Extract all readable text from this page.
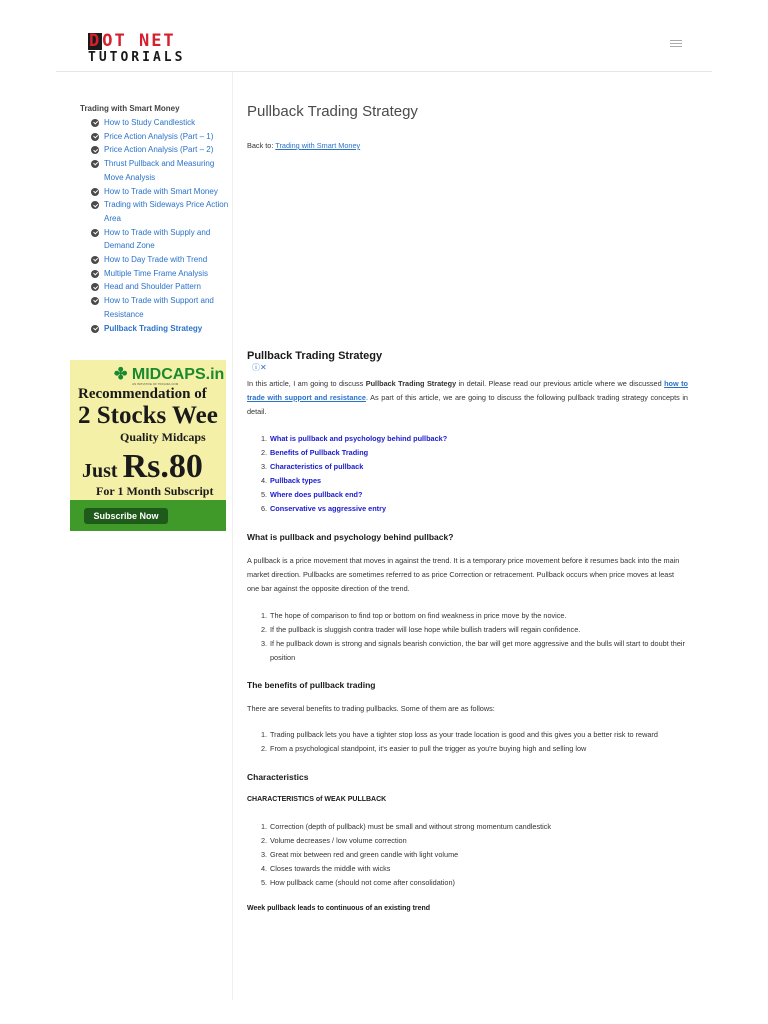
DOT NET
TUTORIALS
Trading with Smart Money
How to Study Candlestick
Price Action Analysis (Part – 1)
Price Action Analysis (Part – 2)
Thrust Pullback and Measuring Move Analysis
How to Trade with Smart Money
Trading with Sideways Price Action Area
How to Trade with Supply and Demand Zone
How to Day Trade with Trend
Multiple Time Frame Analysis
Head and Shoulder Pattern
How to Trade with Support and Resistance
Pullback Trading Strategy
ⓘ✕
✤ MIDCAPS.in
AN INITIATIVE OF TIFFAIFA.COM
Recommendation of
2 Stocks Wee
Quality Midcaps
Just Rs.80
For 1 Month Subscript
Subscribe Now
Pullback Trading Strategy
Back to: Trading with Smart Money
Pullback Trading Strategy

In this article, I am going to discuss Pullback Trading Strategy in detail. Please read our previous article where we discussed how to trade with support and resistance. As part of this article, we are going to discuss the following pullback trading strategy concepts in detail.

1. What is pullback and psychology behind pullback?
2. Benefits of Pullback Trading
3. Characteristics of pullback
4. Pullback types
5. Where does pullback end?
6. Conservative vs aggressive entry
What is pullback and psychology behind pullback?

A pullback is a price movement that moves in against the trend. It is a temporary price movement before it resumes back into the main market direction. Pullbacks are sometimes referred to as price Correction or retracement. Pullback occurs when price moves at least one bar against the opposite direction of the trend.

1. The hope of comparison to find top or bottom on find weakness in price move by the novice.
2. If the pullback is sluggish contra trader will lose hope while bullish traders will regain confidence.
3. If he pullback down is strong and signals bearish conviction, the bar will get more aggressive and the bulls will start to doubt their position
The benefits of pullback trading

There are several benefits to trading pullbacks. Some of them are as follows:

1. Trading pullback lets you have a tighter stop loss as your trade location is good and this gives you a better risk to reward
2. From a psychological standpoint, it's easier to pull the trigger as you're buying high and selling low
Characteristics
CHARACTERISTICS of WEAK PULLBACK
1. Correction (depth of pullback) must be small and without strong momentum candlestick
2. Volume decreases / low volume correction
3. Great mix between red and green candle with light volume
4. Closes towards the middle with wicks
5. How pullback came (should not come after consolidation)
Week pullback leads to continuous of an existing trend
